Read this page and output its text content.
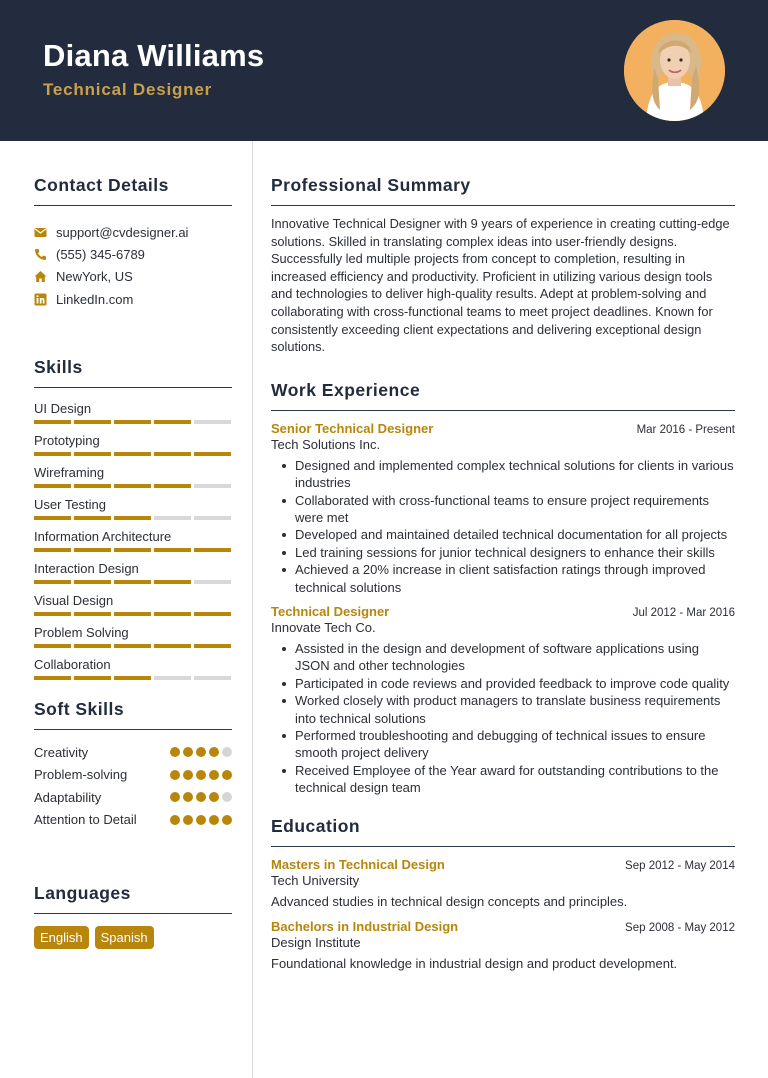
Diana Williams
Technical Designer
Contact Details
support@cvdesigner.ai
(555) 345-6789
NewYork, US
LinkedIn.com
Skills
UI Design
Prototyping
Wireframing
User Testing
Information Architecture
Interaction Design
Visual Design
Problem Solving
Collaboration
Soft Skills
Creativity
Problem-solving
Adaptability
Attention to Detail
Languages
English	Spanish
Professional Summary
Innovative Technical Designer with 9 years of experience in creating cutting-edge solutions. Skilled in translating complex ideas into user-friendly designs. Successfully led multiple projects from concept to completion, resulting in increased efficiency and productivity. Proficient in utilizing various design tools and technologies to deliver high-quality results. Adept at problem-solving and collaborating with cross-functional teams to meet project deadlines. Known for consistently exceeding client expectations and delivering exceptional design solutions.
Work Experience
Senior Technical Designer	Mar 2016 - Present
Tech Solutions Inc.
Designed and implemented complex technical solutions for clients in various industries
Collaborated with cross-functional teams to ensure project requirements were met
Developed and maintained detailed technical documentation for all projects
Led training sessions for junior technical designers to enhance their skills
Achieved a 20% increase in client satisfaction ratings through improved technical solutions
Technical Designer	Jul 2012 - Mar 2016
Innovate Tech Co.
Assisted in the design and development of software applications using JSON and other technologies
Participated in code reviews and provided feedback to improve code quality
Worked closely with product managers to translate business requirements into technical solutions
Performed troubleshooting and debugging of technical issues to ensure smooth project delivery
Received Employee of the Year award for outstanding contributions to the technical design team
Education
Masters in Technical Design	Sep 2012 - May 2014
Tech University
Advanced studies in technical design concepts and principles.
Bachelors in Industrial Design	Sep 2008 - May 2012
Design Institute
Foundational knowledge in industrial design and product development.
